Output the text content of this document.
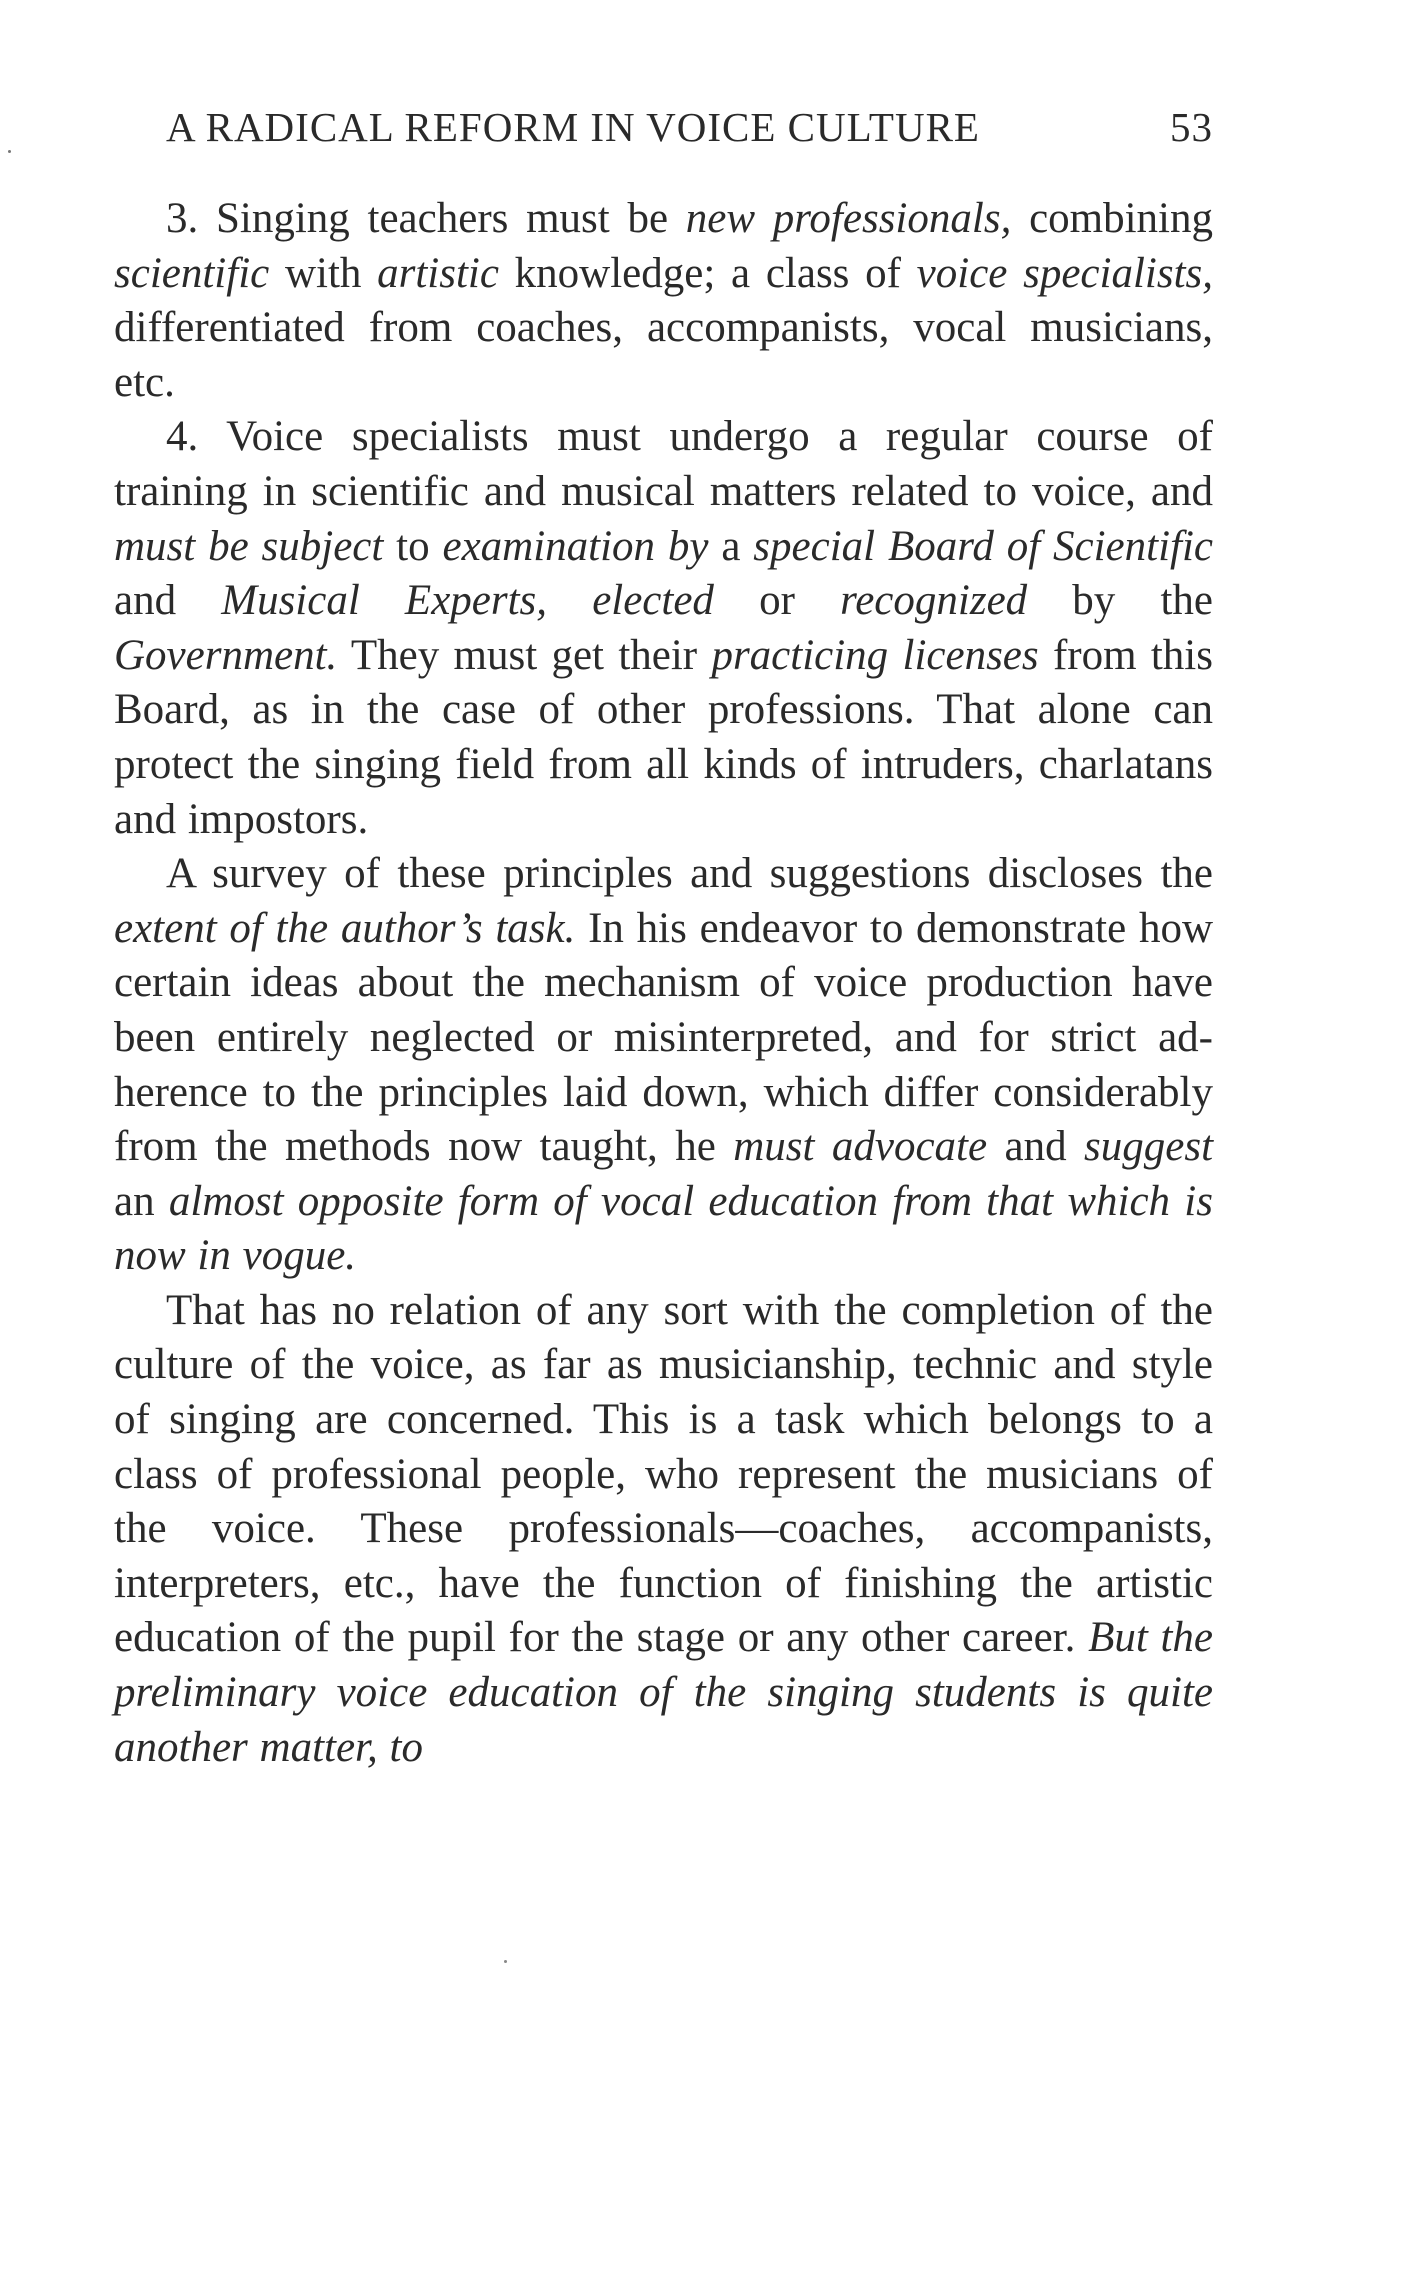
A RADICAL REFORM IN VOICE CULTURE	53

3. Singing teachers must be new professionals, combining scientific with artistic knowledge; a class of voice specialists, differentiated from coaches, accompanists, vocal musicians, etc.

4. Voice specialists must undergo a regular course of training in scientific and musical matters related to voice, and must be subject to examination by a special Board of Scientific and Musical Experts, elected or recognized by the Government. They must get their practicing licenses from this Board, as in the case of other professions. That alone can protect the singing field from all kinds of intruders, charlatans and impostors.

A survey of these principles and suggestions discloses the extent of the author’s task. In his endeavor to demonstrate how certain ideas about the mechanism of voice production have been entirely neglected or misinterpreted, and for strict adherence to the principles laid down, which differ considerably from the methods now taught, he must advocate and suggest an almost opposite form of vocal education from that which is now in vogue.

That has no relation of any sort with the completion of the culture of the voice, as far as musicianship, technic and style of singing are concerned. This is a task which belongs to a class of professional people, who represent the musicians of the voice. These professionals—coaches, accompanists, interpreters, etc., have the function of finishing the artistic education of the pupil for the stage or any other career. But the preliminary voice education of the singing students is quite another matter, to
